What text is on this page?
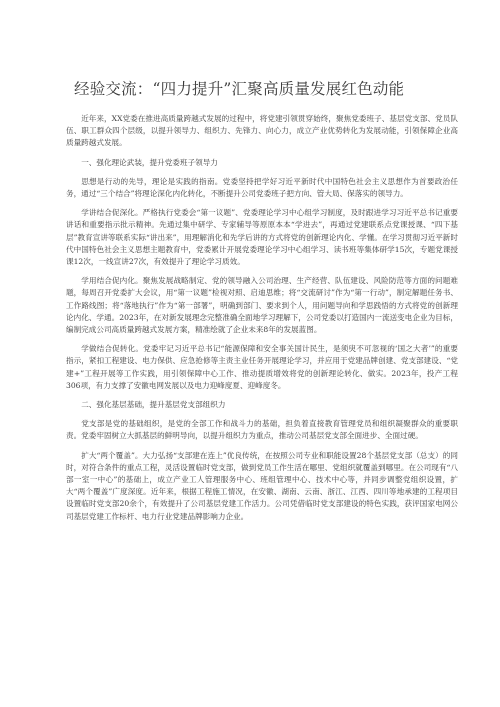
经验交流：“四力提升”汇聚高质量发展红色动能

近年来，XX党委在推进高质量跨越式发展的过程中，将党建引领贯穿始终，聚焦党委班子、基层党支部、党员队伍、职工群众四个层级，以提升领导力、组织力、先锋力、向心力，成立产业优势转化为发展动能，引领保障企业高质量跨越式发展。

一、强化理论武装，提升党委班子领导力

思想是行动的先导，理论是实践的指南。党委坚持把学好习近平新时代中国特色社会主义思想作为首要政治任务，通过“三个结合”将理论深化内化转化，不断提升公司党委班子把方向、管大局、保落实的领导力。

学讲结合促深化。严格执行党委会“第一议题”、党委理论学习中心组学习制度，及时跟进学习习近平总书记重要讲话和重要指示批示精神。先通过集中研学、专家辅导等原原本本“学进去”，再通过党建联系点党课授课、“四下基层”教育宣讲等联系实际“讲出来”，用理解消化和先学后讲的方式将党的创新理论内化、学懂。在学习贯彻习近平新时代中国特色社会主义思想主题教育中，党委累计开展党委理论学习中心组学习、读书班等集体研学15次，专题党课授课12次，一线宣讲27次，有效提升了理论学习质效。

学用结合促内化。聚焦发展战略制定、党的领导融入公司治理、生产经营、队伍建设、风险防范等方面的问题难题，每周召开党委扩大会议，用“第一议题”检视对照、启迪思维；将“交流研讨”作为“第一行动”，制定解题任务书、工作路线图；将“落地执行”作为“第一部署”，明确到部门、要求到个人，用问题导向和学思践悟的方式将党的创新理论内化、学通。2023年，在对新发展理念完整准确全面地学习理解下，公司党委以打造国内一流送变电企业为目标，编制完成公司高质量跨越式发展方案，精准绘就了企业未来8年的发展蓝图。

学做结合促转化。党委牢记习近平总书记“能源保障和安全事关国计民生，是须臾不可忽视的‘国之大者’”的重要指示，紧扣工程建设、电力保供、应急抢修等主责主业任务开展理论学习，并应用于党建品牌创建、党支部建设、“党建+”工程开展等工作实践，用引领保障中心工作、推动提质增效将党的创新理论转化、做实。2023年，投产工程306项，有力支撑了安徽电网发展以及电力迎峰度夏、迎峰度冬。

二、强化基层基础，提升基层党支部组织力

党支部是党的基础组织，是党的全部工作和战斗力的基础，担负着直接教育管理党员和组织凝聚群众的重要职责。党委牢固树立大抓基层的鲜明导向，以提升组织力为重点，推动公司基层党支部全面进步、全面过硬。

扩大“两个覆盖”。大力弘扬“支部建在连上”优良传统，在按照公司专业和职能设置28个基层党支部（总支）的同时，对符合条件的重点工程，灵活设置临时党支部，做到党员工作生活在哪里、党组织就覆盖到哪里。在公司现有“八部一室一中心”的基础上，成立产业工人管理服务中心、班组管理中心、技术中心等，并同步调整党组织设置，扩大“两个覆盖”广度深度。近年来，根据工程施工情况，在安徽、湖南、云南、浙江、江西、四川等地承建的工程项目设置临时党支部20余个，有效提升了公司基层党建工作活力。公司凭借临时党支部建设的特色实践，获评国家电网公司基层党建工作标杆、电力行业党建品牌影响力企业。
